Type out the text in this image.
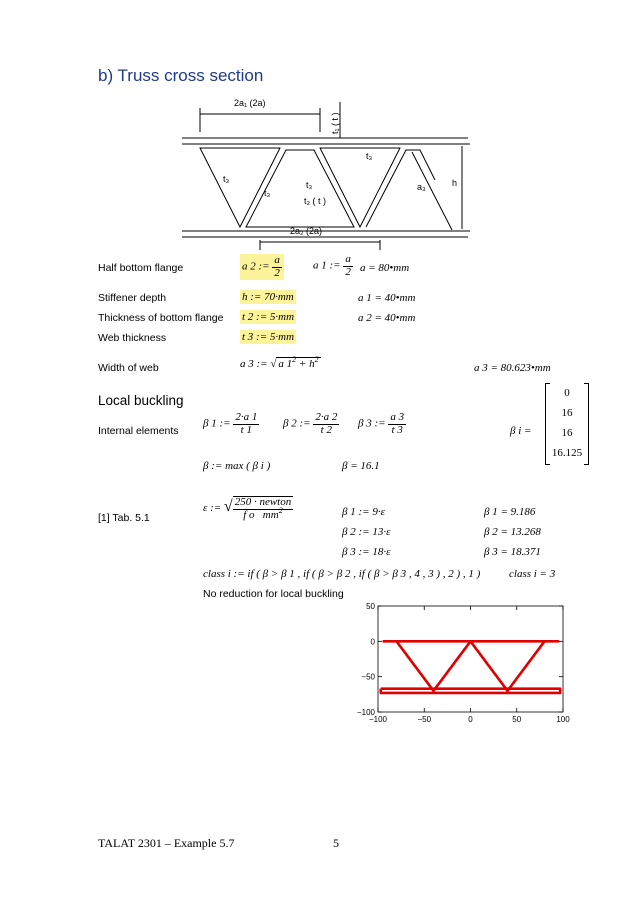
b) Truss cross section
2a₁ (2a)
t₁ ( t )
t₃
t₃
t₃
t₃
t₂ ( t )
h
a₃
2a₂ (2a)
Half bottom flange	a 2 := $\frac{a}{2}$	a 1 := $\frac{a}{2}$ a = 80•mm
Stiffener depth	h := 70·mm	a 1 = 40•mm
Thickness of bottom flange t 2 := 5·mm	a 2 = 40•mm
Web thickness	t 3 := 5·mm
Width of web	a 3 := √ a $1^2 + h^2$
a 3 = 80.623•mm
Local buckling
Internal elements
β 1 := $\frac{2\cdot a 1}{t 1}$ β 2 := $\frac{2\cdot a 2}{t 2}$ β 3 := $\frac{a 3}{t 3}$	β i =
0
16
16
16.125
β := max ( β i )	β = 16.1
[1] Tab. 5.1
ε := √ $\frac{\text{250 · newton}}{f o mm^2}$	β 1 := 9·ε
β 2 := 13·ε
β 3 := 18·ε
β 1 = 9.186
β 2 = 13.268
β 3 = 18.371
class i := if ( β > β 1 , if ( β > β 2 , if ( β > β 3 , 4 , 3 ) , 2 ) , 1 )	class i = 3
No reduction for local buckling
−100	−50	0	50	100
50
0
−50
−100
TALAT 2301 – Example 5.7	5
